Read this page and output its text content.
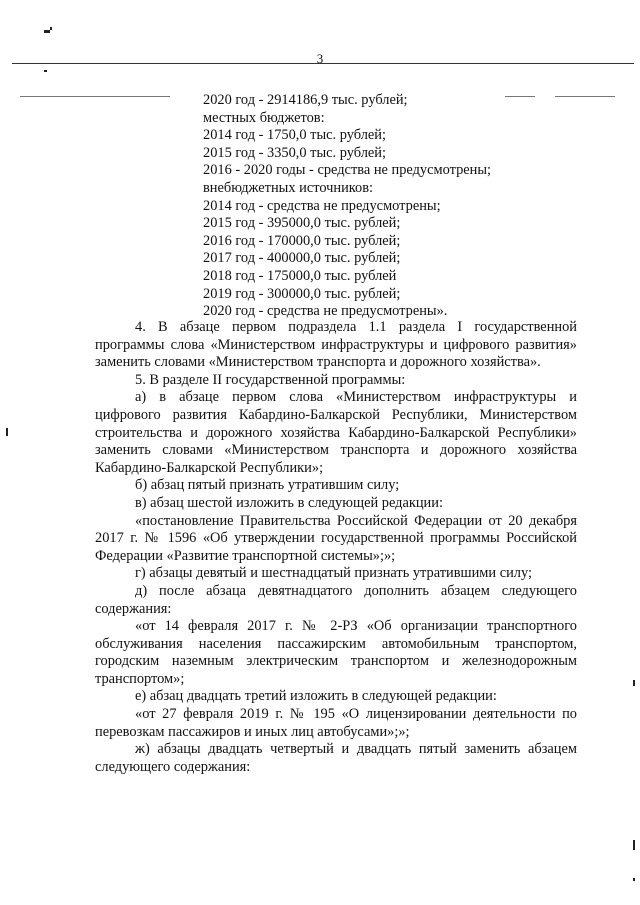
3

2020 год - 2914186,9 тыс. рублей;

местных бюджетов:

2014 год - 1750,0 тыс. рублей;

2015 год - 3350,0 тыс. рублей;

2016 - 2020 годы - средства не предусмотрены;

внебюджетных источников:

2014 год - средства не предусмотрены;

2015 год - 395000,0 тыс. рублей;

2016 год - 170000,0 тыс. рублей;

2017 год - 400000,0 тыс. рублей;

2018 год - 175000,0 тыс. рублей

2019 год - 300000,0 тыс. рублей;

2020 год - средства не предусмотрены».

4. В абзаце первом подраздела 1.1 раздела I государственной программы слова «Министерством инфраструктуры и цифрового развития» заменить словами «Министерством транспорта и дорожного хозяйства».

5. В разделе II государственной программы:

а) в абзаце первом слова «Министерством инфраструктуры и цифрового развития Кабардино-Балкарской Республики, Министерством строительства и дорожного хозяйства Кабардино-Балкарской Республики» заменить словами «Министерством транспорта и дорожного хозяйства Кабардино-Балкарской Республики»;

б) абзац пятый признать утратившим силу;

в) абзац шестой изложить в следующей редакции:

«постановление Правительства Российской Федерации от 20 декабря 2017 г. № 1596 «Об утверждении государственной программы Российской Федерации «Развитие транспортной системы»;»;

г) абзацы девятый и шестнадцатый признать утратившими силу;

д) после абзаца девятнадцатого дополнить абзацем следующего содержания:

«от 14 февраля 2017 г. № 2-РЗ «Об организации транспортного обслуживания населения пассажирским автомобильным транспортом, городским наземным электрическим транспортом и железнодорожным транспортом»;

е) абзац двадцать третий изложить в следующей редакции:

«от 27 февраля 2019 г. № 195 «О лицензировании деятельности по перевозкам пассажиров и иных лиц автобусами»;»;

ж) абзацы двадцать четвертый и двадцать пятый заменить абзацем следующего содержания:
